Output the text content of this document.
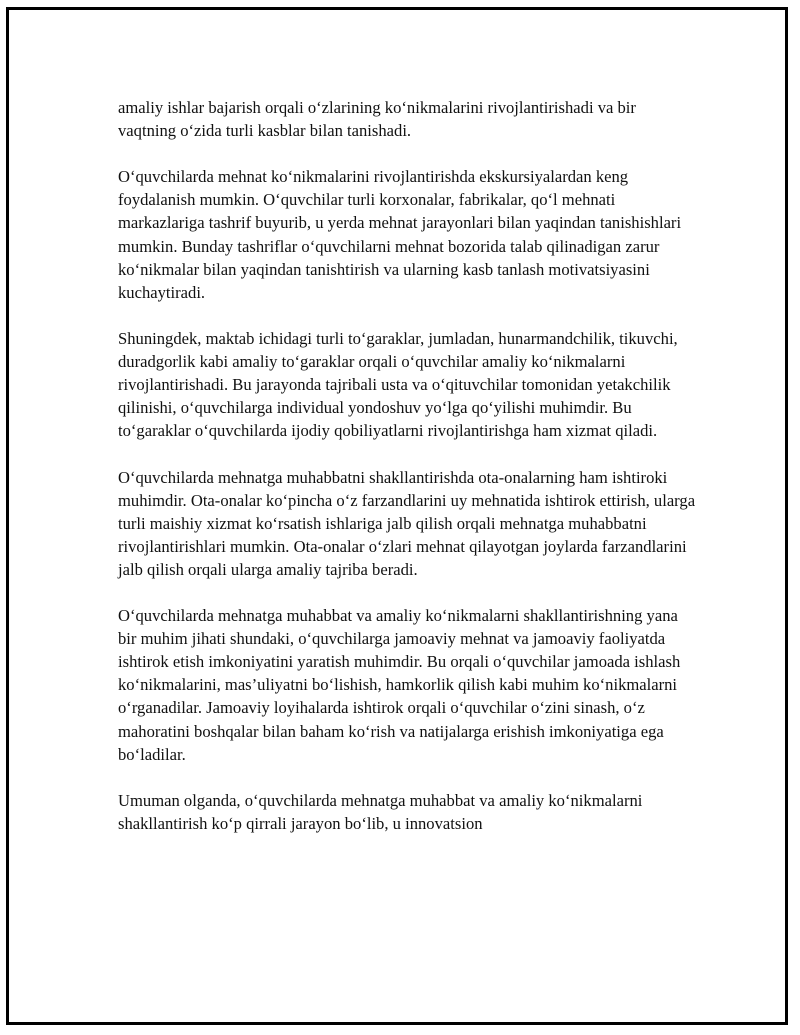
amaliy ishlar bajarish orqali o‘zlarining ko‘nikmalarini rivojlantirishadi va bir vaqtning o‘zida turli kasblar bilan tanishadi.

O‘quvchilarda mehnat ko‘nikmalarini rivojlantirishda ekskursiyalardan keng foydalanish mumkin. O‘quvchilar turli korxonalar, fabrikalar, qo‘l mehnati markazlariga tashrif buyurib, u yerda mehnat jarayonlari bilan yaqindan tanishishlari mumkin. Bunday tashriflar o‘quvchilarni mehnat bozorida talab qilinadigan zarur ko‘nikmalar bilan yaqindan tanishtirish va ularning kasb tanlash motivatsiyasini kuchaytiradi.

Shuningdek, maktab ichidagi turli to‘garaklar, jumladan, hunarmandchilik, tikuvchi, duradgorlik kabi amaliy to‘garaklar orqali o‘quvchilar amaliy ko‘nikmalarni rivojlantirishadi. Bu jarayonda tajribali usta va o‘qituvchilar tomonidan yetakchilik qilinishi, o‘quvchilarga individual yondoshuv yo‘lga qo‘yilishi muhimdir. Bu to‘garaklar o‘quvchilarda ijodiy qobiliyatlarni rivojlantirishga ham xizmat qiladi.

O‘quvchilarda mehnatga muhabbatni shakllantirishda ota-onalarning ham ishtiroki muhimdir. Ota-onalar ko‘pincha o‘z farzandlarini uy mehnatida ishtirok ettirish, ularga turli maishiy xizmat ko‘rsatish ishlariga jalb qilish orqali mehnatga muhabbatni rivojlantirishlari mumkin. Ota-onalar o‘zlari mehnat qilayotgan joylarda farzandlarini jalb qilish orqali ularga amaliy tajriba beradi.

O‘quvchilarda mehnatga muhabbat va amaliy ko‘nikmalarni shakllantirishning yana bir muhim jihati shundaki, o‘quvchilarga jamoaviy mehnat va jamoaviy faoliyatda ishtirok etish imkoniyatini yaratish muhimdir. Bu orqali o‘quvchilar jamoada ishlash ko‘nikmalarini, mas’uliyatni bo‘lishish, hamkorlik qilish kabi muhim ko‘nikmalarni o‘rganadilar. Jamoaviy loyihalarda ishtirok orqali o‘quvchilar o‘zini sinash, o‘z mahoratini boshqalar bilan baham ko‘rish va natijalarga erishish imkoniyatiga ega bo‘ladilar.

Umuman olganda, o‘quvchilarda mehnatga muhabbat va amaliy ko‘nikmalarni shakllantirish ko‘p qirrali jarayon bo‘lib, u innovatsion
